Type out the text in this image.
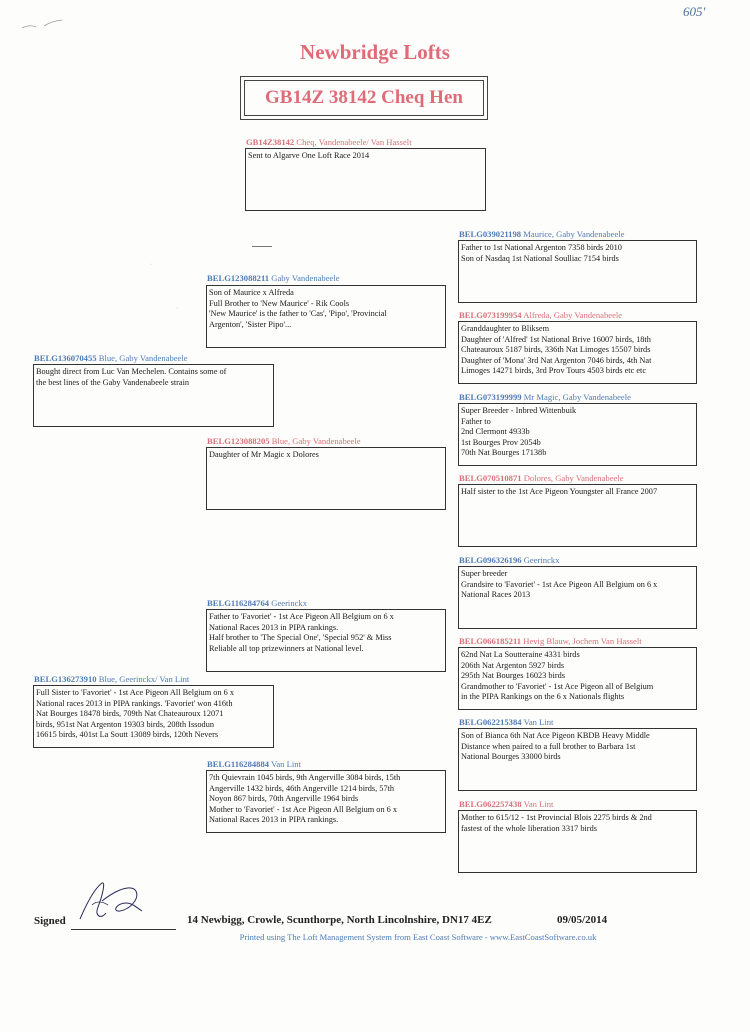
605'
Newbridge Lofts
GB14Z 38142 Cheq Hen
GB14Z38142 Cheq, Vandenabeele/ Van Hasselt
Sent to Algarve One Loft Race 2014
BELG136070455 Blue, Gaby Vandenabeele
Bought direct from Luc Van Mechelen. Contains some of
the best lines of the Gaby Vandenabeele strain
BELG136273910 Blue, Geerinckx/ Van Lint
Full Sister to 'Favoriet' - 1st Ace Pigeon All Belgium on 6 x
National races 2013 in PIPA rankings. 'Favoriet' won 416th
Nat Bourges 18478 birds, 709th Nat Chateauroux 12071
birds, 951st Nat Argenton 19303 birds, 208th Issodun
16615 birds, 401st La Soutt 13089 birds, 120th Nevers
BELG123088211 Gaby Vandenabeele
Son of Maurice x Alfreda
Full Brother to 'New Maurice' - Rik Cools
'New Maurice' is the father to 'Cas', 'Pipo', 'Provincial
Argenton', 'Sister Pipo'...
BELG123088205 Blue, Gaby Vandenabeele
Daughter of Mr Magic x Dolores
BELG116284764 Geerinckx
Father to 'Favoriet' - 1st Ace Pigeon All Belgium on 6 x
National Races 2013 in PIPA rankings.
Half brother to 'The Special One', 'Special 952' & Miss
Reliable all top prizewinners at National level.
BELG116284884 Van Lint
7th Quievrain 1045 birds, 9th Angerville 3084 birds, 15th
Angerville 1432 birds, 46th Angerville 1214 birds, 57th
Noyon 867 birds, 70th Angerville 1964 birds
Mother to 'Favoriet' - 1st Ace Pigeon All Belgium on 6 x
National Races 2013 in PIPA rankings.
BELG039021198 Maurice, Gaby Vandenabeele
Father to 1st National Argenton 7358 birds 2010
Son of Nasdaq 1st National Soulliac 7154 birds
BELG073199954 Alfreda, Gaby Vandenabeele
Granddaughter to Bliksem
Daughter of 'Alfred' 1st National Brive 16007 birds, 18th
Chateauroux 5187 birds, 336th Nat Limoges 15507 birds
Daughter of 'Mona' 3rd Nat Argenton 7046 birds, 4th Nat
Limoges 14271 birds, 3rd Prov Tours 4503 birds etc etc
BELG073199999 Mr Magic, Gaby Vandenabeele
Super Breeder - Inbred Wittenbuik
Father to
2nd Clermont 4933b
1st Bourges Prov 2054b
70th Nat Bourges 17138b
BELG070510871 Dolores, Gaby Vandenabeele
Half sister to the 1st Ace Pigeon Youngster all France 2007
BELG096326196 Geerinckx
Super breeder
Grandsire to 'Favoriet' - 1st Ace Pigeon All Belgium on 6 x
National Races 2013
BELG066185211 Hevig Blauw, Jochem Van Hasselt
62nd Nat La Soutteraine 4331 birds
206th Nat Argenton 5927 birds
295th Nat Bourges 16023 birds
Grandmother to 'Favoriet' - 1st Ace Pigeon all of Belgium
in the PIPA Rankings on the 6 x Nationals flights
BELG062215384 Van Lint
Son of Bianca 6th Nat Ace Pigeon KBDB Heavy Middle
Distance when paired to a full brother to Barbara 1st
National Bourges 33000 birds
BELG062257438 Van Lint
Mother to 615/12 - 1st Provincial Blois 2275 birds & 2nd
fastest of the whole liberation 3317 birds
·
·
Signed	14 Newbigg, Crowle, Scunthorpe, North Lincolnshire, DN17 4EZ	09/05/2014
Printed using The Loft Management System from East Coast Software - www.EastCoastSoftware.co.uk
